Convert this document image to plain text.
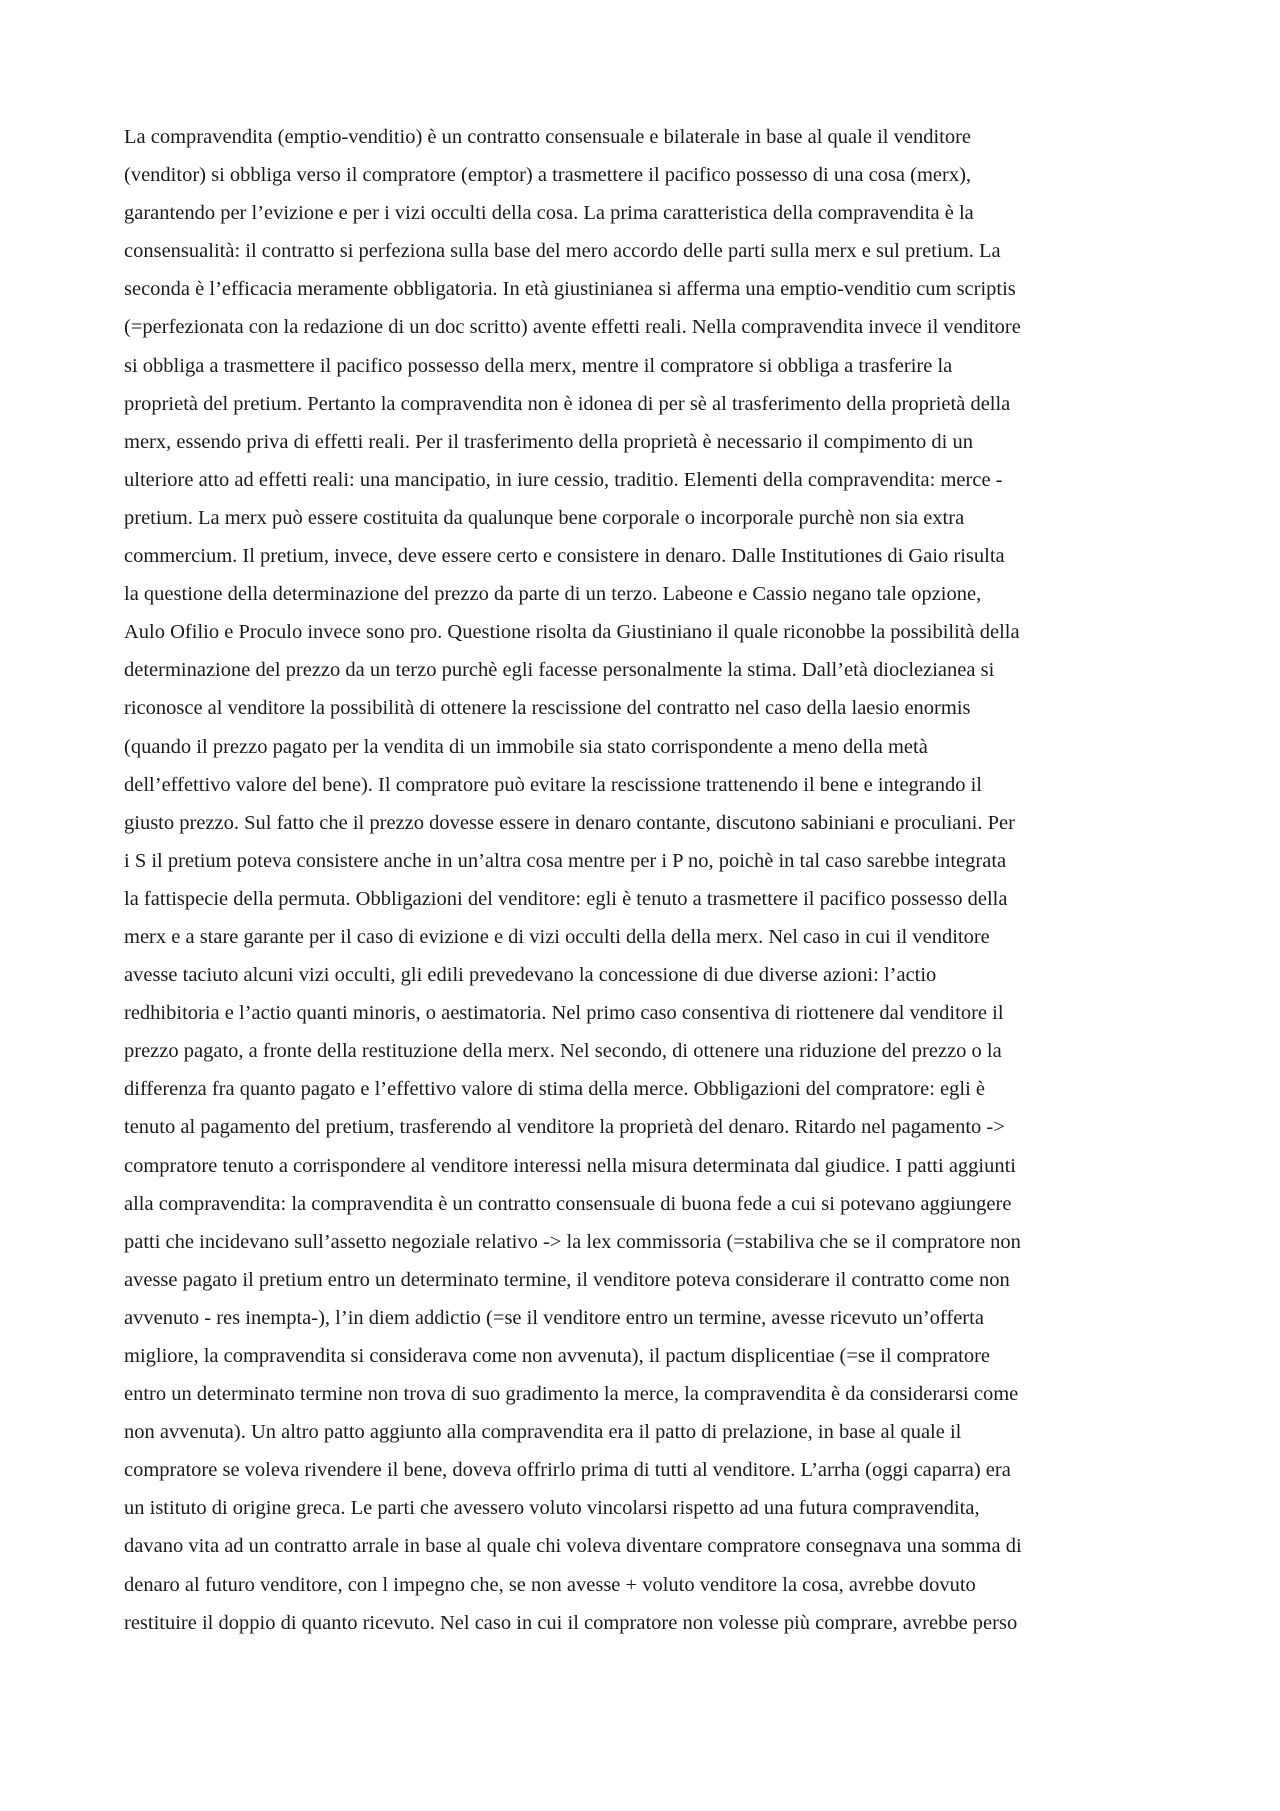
La compravendita (emptio-venditio) è un contratto consensuale e bilaterale in base al quale il venditore
(venditor) si obbliga verso il compratore (emptor) a trasmettere il pacifico possesso di una cosa (merx),
garantendo per l’evizione e per i vizi occulti della cosa. La prima caratteristica della compravendita è la
consensualità: il contratto si perfeziona sulla base del mero accordo delle parti sulla merx e sul pretium. La
seconda è l’efficacia meramente obbligatoria. In età giustinianea si afferma una emptio-venditio cum scriptis
(=perfezionata con la redazione di un doc scritto) avente effetti reali. Nella compravendita invece il venditore
si obbliga a trasmettere il pacifico possesso della merx, mentre il compratore si obbliga a trasferire la
proprietà del pretium. Pertanto la compravendita non è idonea di per sè al trasferimento della proprietà della
merx, essendo priva di effetti reali. Per il trasferimento della proprietà è necessario il compimento di un
ulteriore atto ad effetti reali: una mancipatio, in iure cessio, traditio. Elementi della compravendita: merce -
pretium. La merx può essere costituita da qualunque bene corporale o incorporale purchè non sia extra
commercium. Il pretium, invece, deve essere certo e consistere in denaro. Dalle Institutiones di Gaio risulta
la questione della determinazione del prezzo da parte di un terzo. Labeone e Cassio negano tale opzione,
Aulo Ofilio e Proculo invece sono pro. Questione risolta da Giustiniano il quale riconobbe la possibilità della
determinazione del prezzo da un terzo purchè egli facesse personalmente la stima. Dall’età dioclezianea si
riconosce al venditore la possibilità di ottenere la rescissione del contratto nel caso della laesio enormis
(quando il prezzo pagato per la vendita di un immobile sia stato corrispondente a meno della metà
dell’effettivo valore del bene). Il compratore può evitare la rescissione trattenendo il bene e integrando il
giusto prezzo. Sul fatto che il prezzo dovesse essere in denaro contante, discutono sabiniani e proculiani. Per
i S il pretium poteva consistere anche in un’altra cosa mentre per i P no, poichè in tal caso sarebbe integrata
la fattispecie della permuta. Obbligazioni del venditore: egli è tenuto a trasmettere il pacifico possesso della
merx e a stare garante per il caso di evizione e di vizi occulti della della merx. Nel caso in cui il venditore
avesse taciuto alcuni vizi occulti, gli edili prevedevano la concessione di due diverse azioni: l’actio
redhibitoria e l’actio quanti minoris, o aestimatoria. Nel primo caso consentiva di riottenere dal venditore il
prezzo pagato, a fronte della restituzione della merx. Nel secondo, di ottenere una riduzione del prezzo o la
differenza fra quanto pagato e l’effettivo valore di stima della merce. Obbligazioni del compratore: egli è
tenuto al pagamento del pretium, trasferendo al venditore la proprietà del denaro. Ritardo nel pagamento ->
compratore tenuto a corrispondere al venditore interessi nella misura determinata dal giudice. I patti aggiunti
alla compravendita: la compravendita è un contratto consensuale di buona fede a cui si potevano aggiungere
patti che incidevano sull’assetto negoziale relativo -> la lex commissoria (=stabiliva che se il compratore non
avesse pagato il pretium entro un determinato termine, il venditore poteva considerare il contratto come non
avvenuto - res inempta-), l’in diem addictio (=se il venditore entro un termine, avesse ricevuto un’offerta
migliore, la compravendita si considerava come non avvenuta), il pactum displicentiae (=se il compratore
entro un determinato termine non trova di suo gradimento la merce, la compravendita è da considerarsi come
non avvenuta). Un altro patto aggiunto alla compravendita era il patto di prelazione, in base al quale il
compratore se voleva rivendere il bene, doveva offrirlo prima di tutti al venditore. L’arrha (oggi caparra) era
un istituto di origine greca. Le parti che avessero voluto vincolarsi rispetto ad una futura compravendita,
davano vita ad un contratto arrale in base al quale chi voleva diventare compratore consegnava una somma di
denaro al futuro venditore, con l impegno che, se non avesse + voluto venditore la cosa, avrebbe dovuto
restituire il doppio di quanto ricevuto. Nel caso in cui il compratore non volesse più comprare, avrebbe perso
